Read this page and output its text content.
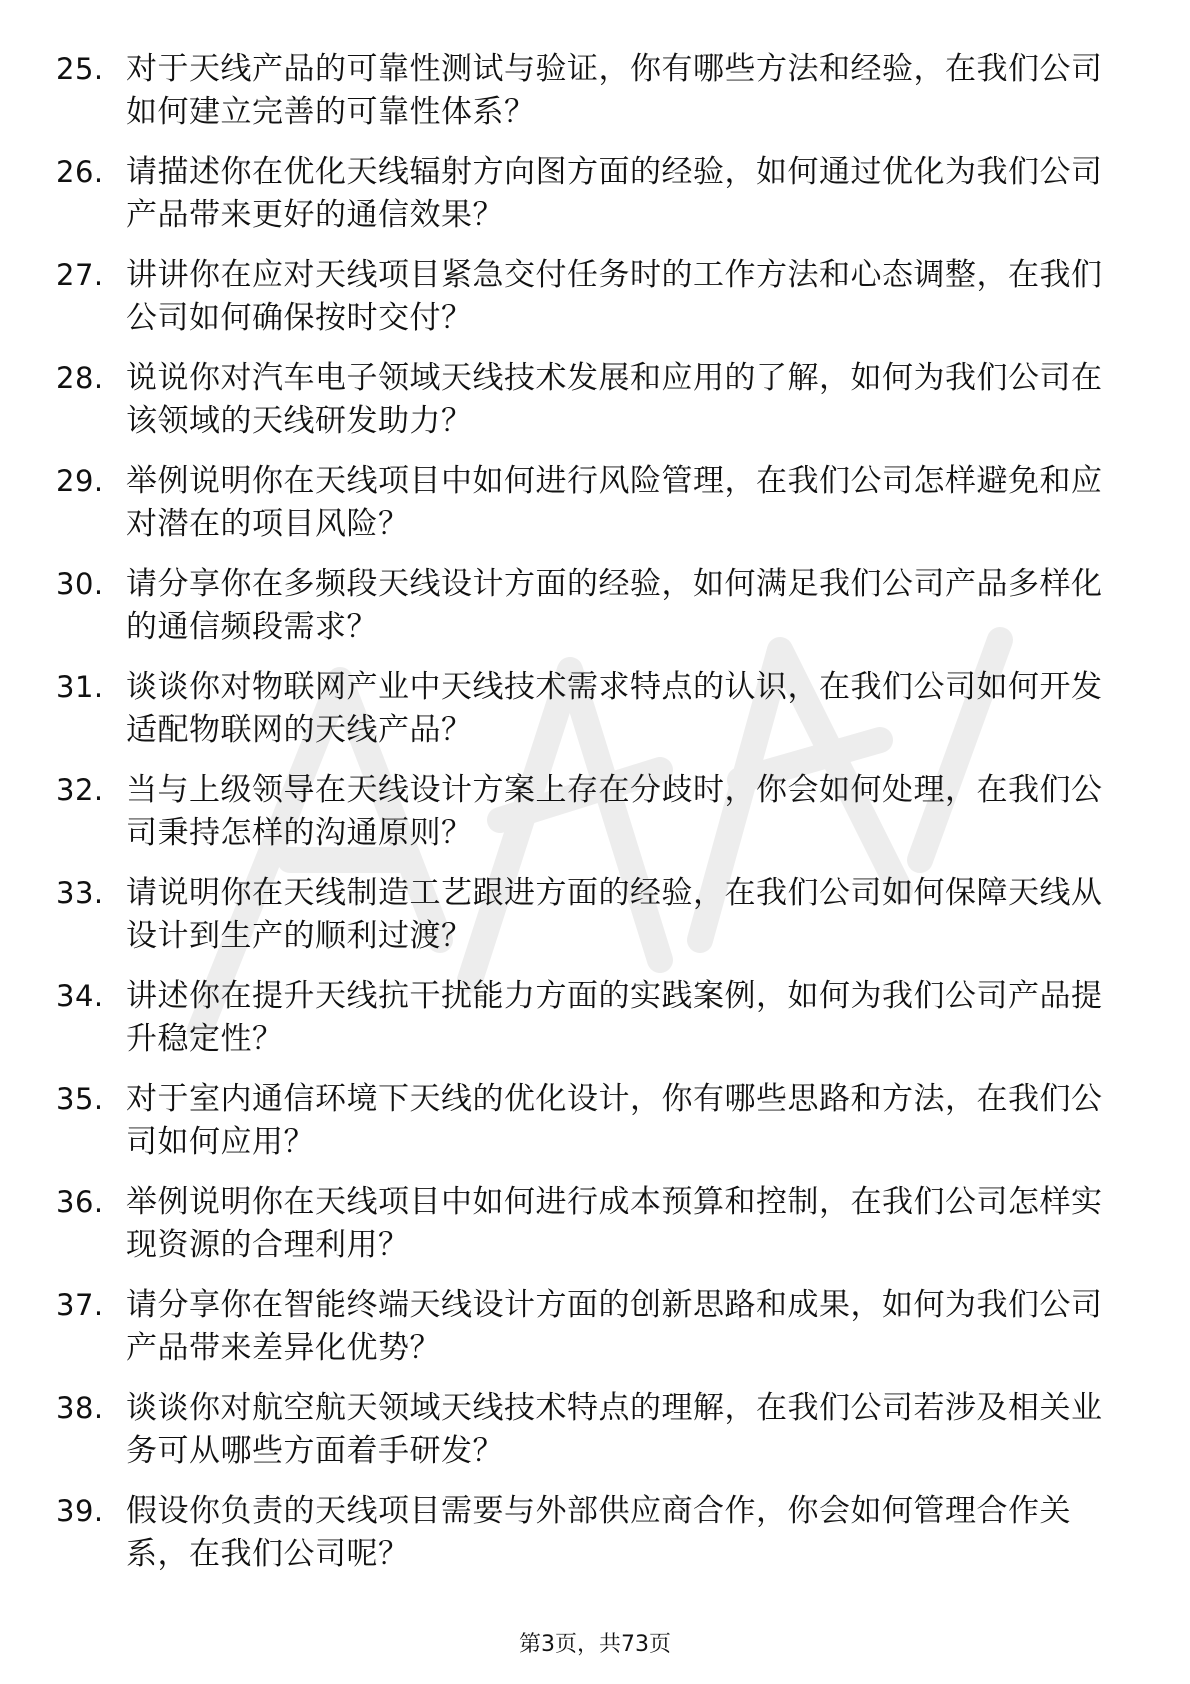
25. 对于天线产品的可靠性测试与验证，你有哪些方法和经验，在我们公司如何建立完善的可靠性体系？
26. 请描述你在优化天线辐射方向图方面的经验，如何通过优化为我们公司产品带来更好的通信效果？
27. 讲讲你在应对天线项目紧急交付任务时的工作方法和心态调整，在我们公司如何确保按时交付？
28. 说说你对汽车电子领域天线技术发展和应用的了解，如何为我们公司在该领域的天线研发助力？
29. 举例说明你在天线项目中如何进行风险管理，在我们公司怎样避免和应对潜在的项目风险？
30. 请分享你在多频段天线设计方面的经验，如何满足我们公司产品多样化的通信频段需求？
31. 谈谈你对物联网产业中天线技术需求特点的认识，在我们公司如何开发适配物联网的天线产品？
32. 当与上级领导在天线设计方案上存在分歧时，你会如何处理，在我们公司秉持怎样的沟通原则？
33. 请说明你在天线制造工艺跟进方面的经验，在我们公司如何保障天线从设计到生产的顺利过渡？
34. 讲述你在提升天线抗干扰能力方面的实践案例，如何为我们公司产品提升稳定性？
35. 对于室内通信环境下天线的优化设计，你有哪些思路和方法，在我们公司如何应用？
36. 举例说明你在天线项目中如何进行成本预算和控制，在我们公司怎样实现资源的合理利用？
37. 请分享你在智能终端天线设计方面的创新思路和成果，如何为我们公司产品带来差异化优势？
38. 谈谈你对航空航天领域天线技术特点的理解，在我们公司若涉及相关业务可从哪些方面着手研发？
39. 假设你负责的天线项目需要与外部供应商合作，你会如何管理合作关系，在我们公司呢？
第3页，共73页
